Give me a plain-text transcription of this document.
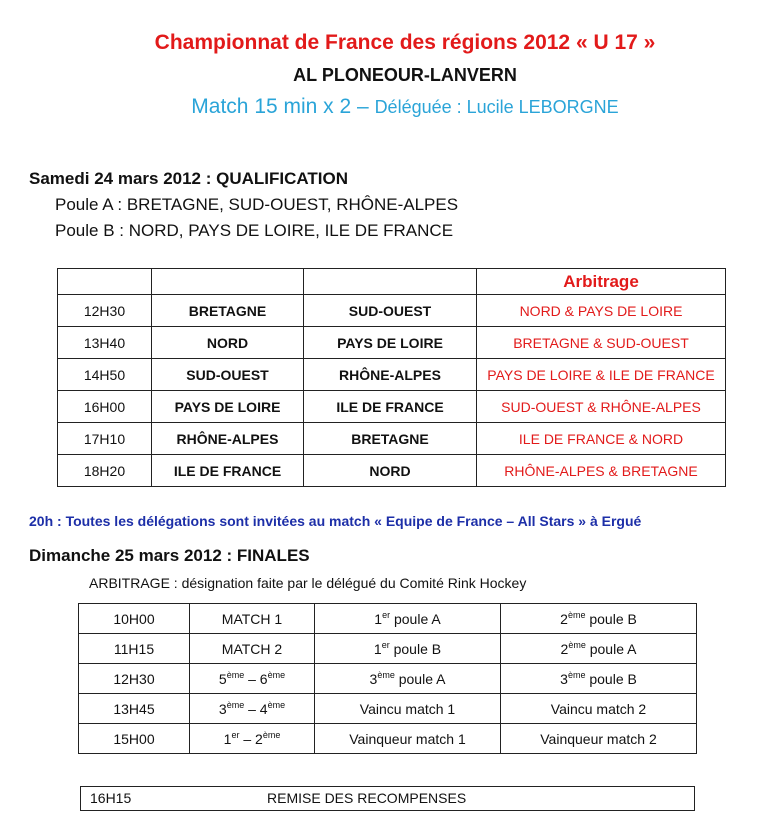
Championnat de France des régions 2012 « U 17 »
AL PLONEOUR-LANVERN
Match 15 min x 2 – Déléguée : Lucile LEBORGNE
Samedi 24 mars 2012 : QUALIFICATION
Poule A : BRETAGNE, SUD-OUEST, RHÔNE-ALPES
Poule B : NORD, PAYS DE LOIRE, ILE DE FRANCE
			Arbitrage
12H30	BRETAGNE	SUD-OUEST	NORD & PAYS DE LOIRE
13H40	NORD	PAYS DE LOIRE	BRETAGNE & SUD-OUEST
14H50	SUD-OUEST	RHÔNE-ALPES	PAYS DE LOIRE & ILE DE FRANCE
16H00	PAYS DE LOIRE	ILE DE FRANCE	SUD-OUEST & RHÔNE-ALPES
17H10	RHÔNE-ALPES	BRETAGNE	ILE DE FRANCE & NORD
18H20	ILE DE FRANCE	NORD	RHÔNE-ALPES & BRETAGNE
20h : Toutes les délégations sont invitées au match « Equipe de France – All Stars » à Ergué
Dimanche 25 mars 2012 : FINALES
ARBITRAGE : désignation faite par le délégué du Comité Rink Hockey
10H00	MATCH 1	1er poule A	2ème poule B
11H15	MATCH 2	1er poule B	2ème poule A
12H30	5ème – 6ème	3ème poule A	3ème poule B
13H45	3ème – 4ème	Vaincu match 1	Vaincu match 2
15H00	1er – 2ème	Vainqueur match 1	Vainqueur match 2
16H15	REMISE DES RECOMPENSES
